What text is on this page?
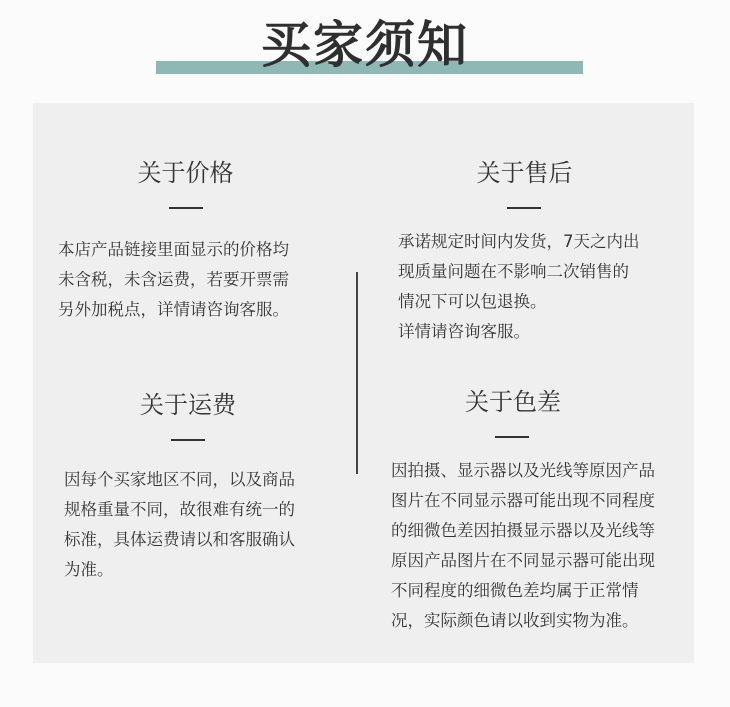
买家须知
关于价格

本店产品链接里面显示的价格均
未含税，未含运费，若要开票需
另外加税点，详情请咨询客服。

关于售后

承诺规定时间内发货，7天之内出
现质量问题在不影响二次销售的
情况下可以包退换。
详情请咨询客服。

关于运费

因每个买家地区不同，以及商品
规格重量不同，故很难有统一的
标准，具体运费请以和客服确认
为准。

关于色差

因拍摄、显示器以及光线等原因产品
图片在不同显示器可能出现不同程度
的细微色差因拍摄显示器以及光线等
原因产品图片在不同显示器可能出现
不同程度的细微色差均属于正常情
况，实际颜色请以收到实物为准。
